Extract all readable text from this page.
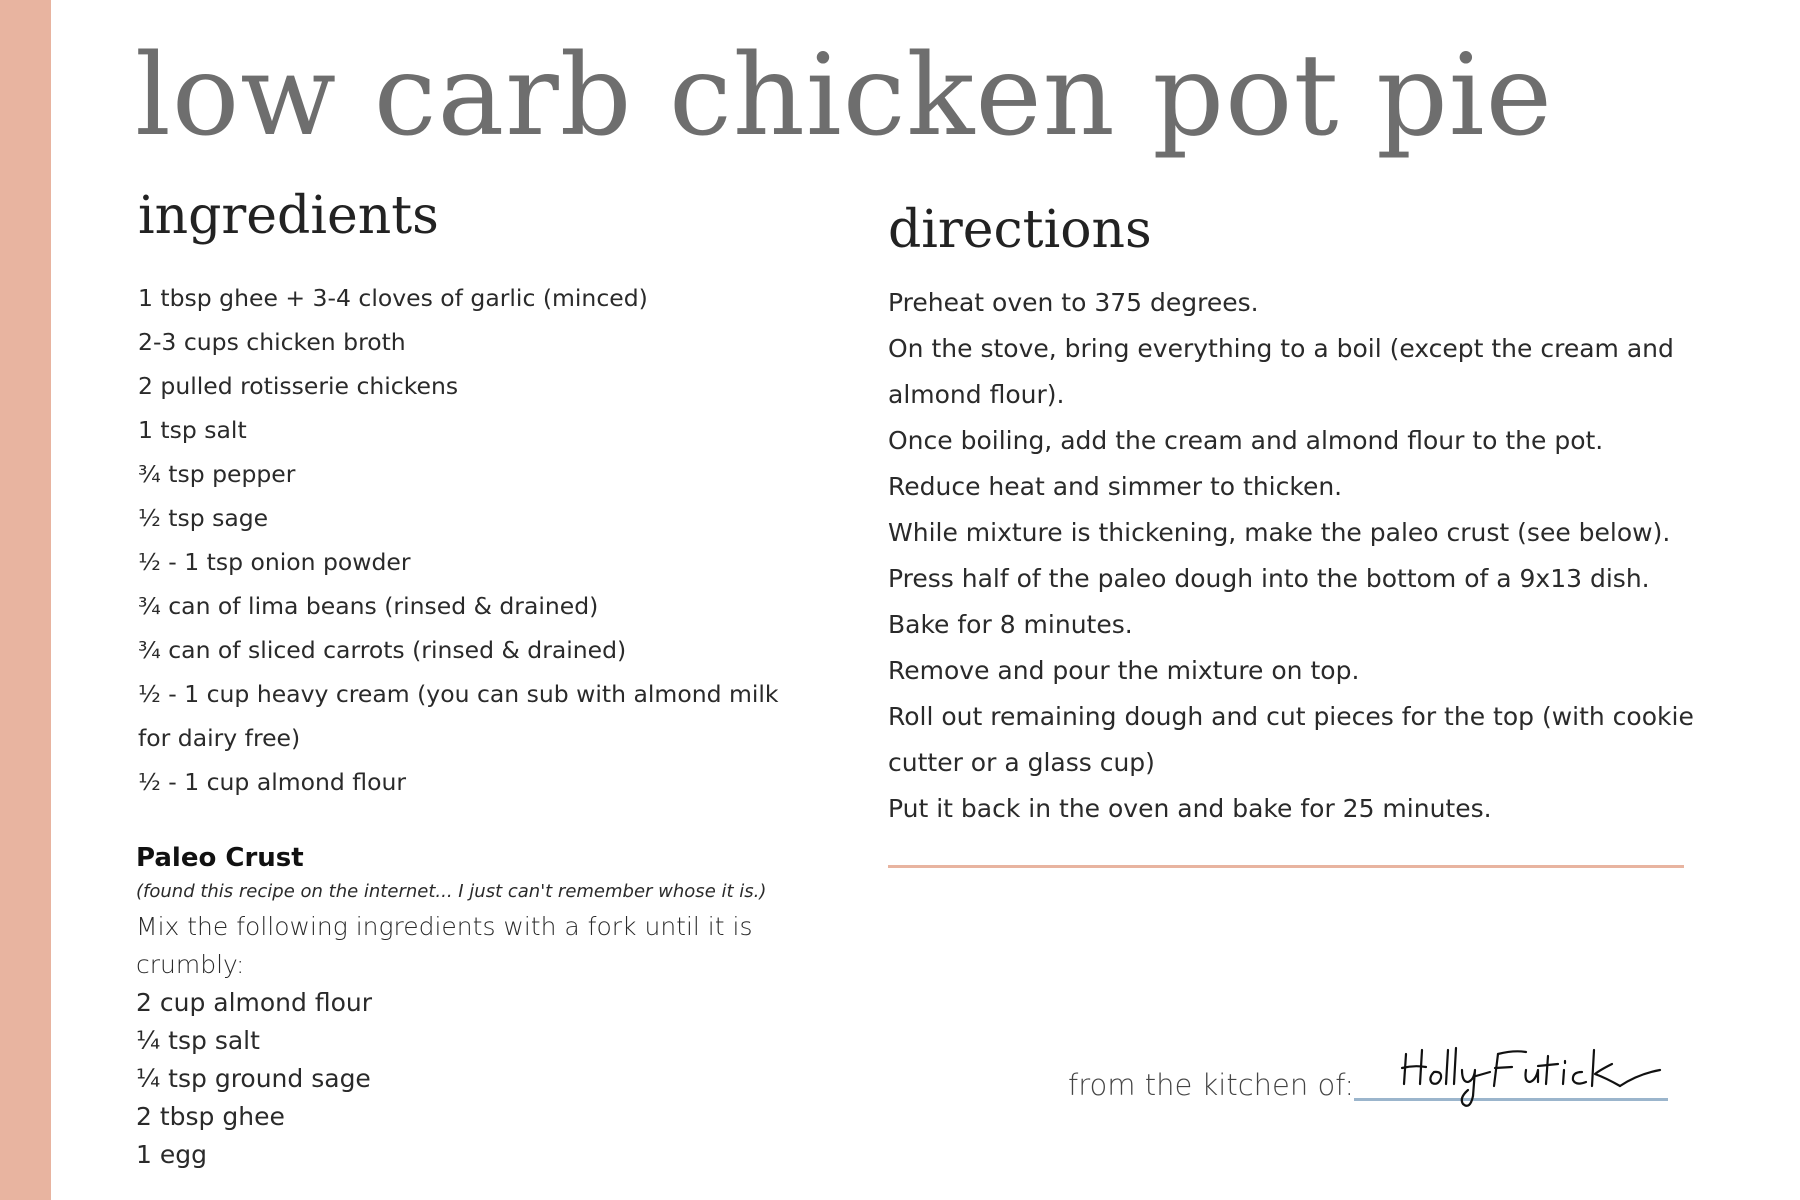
low carb chicken pot pie
ingredients
1 tbsp ghee + 3-4 cloves of garlic (minced)
2-3 cups chicken broth
2 pulled rotisserie chickens
1 tsp salt
¾ tsp pepper
½ tsp sage
½ - 1 tsp onion powder
¾ can of lima beans (rinsed & drained)
¾ can of sliced carrots (rinsed & drained)
½ - 1 cup heavy cream (you can sub with almond milk for dairy free)
½ - 1 cup almond flour

Paleo Crust

(found this recipe on the internet... I just can't remember whose it is.)

Mix the following ingredients with a fork until it is crumbly:

2 cup almond flour
¼ tsp salt
¼ tsp ground sage
2 tbsp ghee
1 egg
directions
Preheat oven to 375 degrees.
On the stove, bring everything to a boil (except the cream and almond flour).
Once boiling, add the cream and almond flour to the pot.
Reduce heat and simmer to thicken.
While mixture is thickening, make the paleo crust (see below).
Press half of the paleo dough into the bottom of a 9x13 dish.
Bake for 8 minutes.
Remove and pour the mixture on top.
Roll out remaining dough and cut pieces for the top (with cookie cutter or a glass cup)
Put it back in the oven and bake for 25 minutes.
from the kitchen of:
